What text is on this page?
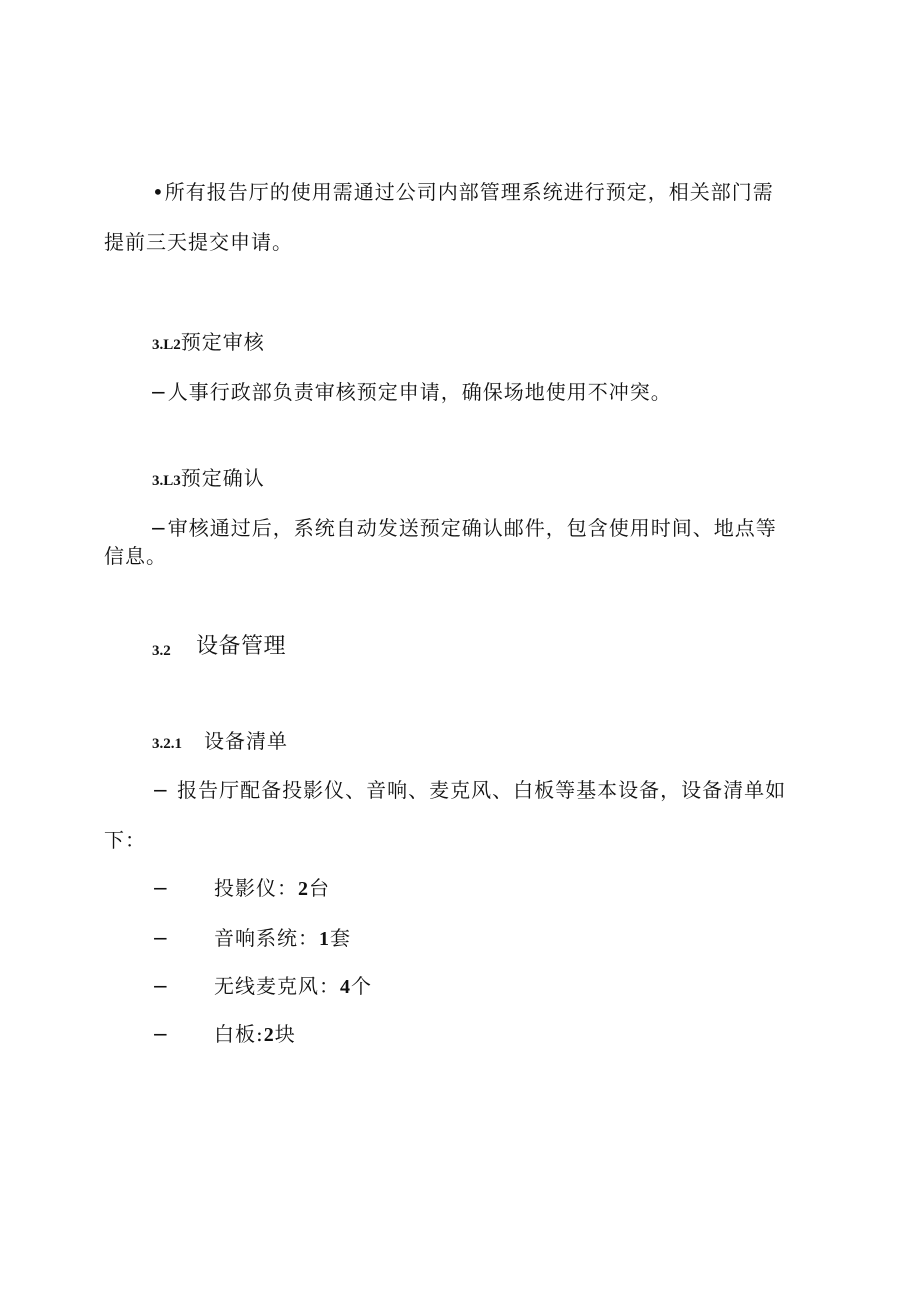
•所有报告厅的使用需通过公司内部管理系统进行预定，相关部门需
提前三天提交申请。
3.L2预定审核
−人事行政部负责审核预定申请，确保场地使用不冲突。
3.L3预定确认
−审核通过后，系统自动发送预定确认邮件，包含使用时间、地点等
信息。
3.2 设备管理
3.2.1 设备清单
− 报告厅配备投影仪、音响、麦克风、白板等基本设备，设备清单如
下：
− 投影仪：2台
− 音响系统：1套
− 无线麦克风：4个
− 白板:2块
